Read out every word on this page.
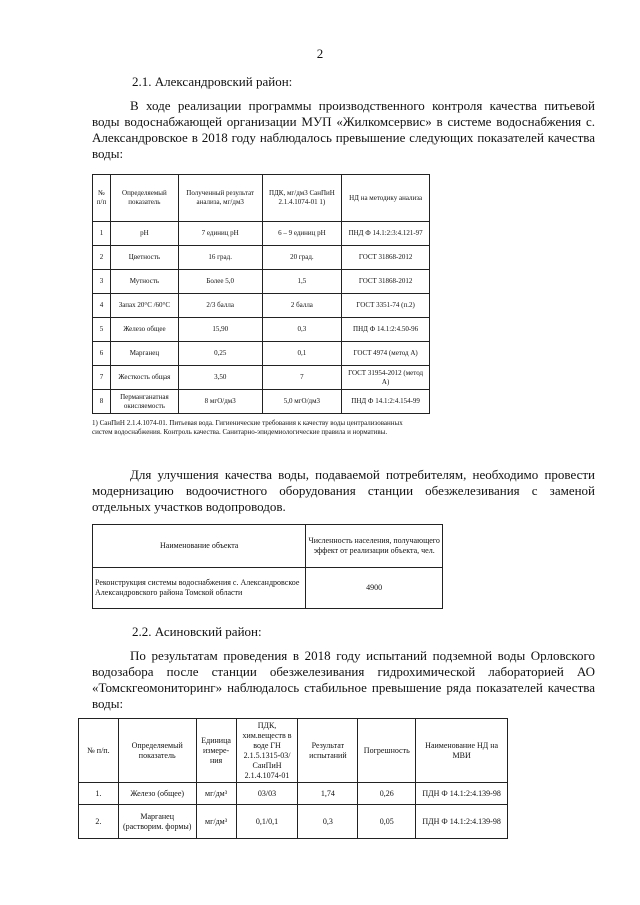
2
2.1. Александровский район:

В ходе реализации программы производственного контроля качества питьевой воды водоснабжающей организации МУП «Жилкомсервис» в системе водоснабжения с. Александровское в 2018 году наблюдалось превышение следующих показателей качества воды:

№ п/п	Определяемый показатель	Полученный результат анализа, мг/дм3	ПДК, мг/дм3 СанПиН 2.1.4.1074-01 1)	НД на методику анализа
1	pH	7 единиц рН	6 – 9 единиц рН	ПНД Ф 14.1:2:3:4.121-97
2	Цветность	16 град.	20 град.	ГОСТ 31868-2012
3	Мутность	Более 5,0	1,5	ГОСТ 31868-2012
4	Запах 20°С /60°С	2/3 балла	2 балла	ГОСТ 3351-74 (п.2)
5	Железо общее	15,90	0,3	ПНД Ф 14.1:2:4.50-96
6	Марганец	0,25	0,1	ГОСТ 4974 (метод А)
7	Жесткость общая	3,50	7	ГОСТ 31954-2012 (метод А)
8	Перманганатная окисляемость	8 мгО/дм3	5,0 мгО/дм3	ПНД Ф 14.1:2:4.154-99
1) СанПиН 2.1.4.1074-01. Питьевая вода. Гигиенические требования к качеству воды централизованных систем водоснабжения. Контроль качества. Санитарно-эпидемиологические правила и нормативы.

Для улучшения качества воды, подаваемой потребителям, необходимо провести модернизацию водоочистного оборудования станции обезжелезивания с заменой отдельных участков водопроводов.

Наименование объекта	Численность населения, получающего эффект от реализации объекта, чел.
Реконструкция системы водоснабжения с. Александровское Александровского района Томской области	4900
2.2. Асиновский район:

По результатам проведения в 2018 году испытаний подземной воды Орловского водозабора после станции обезжелезивания гидрохимической лабораторией АО «Томскгеомониторинг» наблюдалось стабильное превышение ряда показателей качества воды:

№ п/п.	Определяемый показатель	Единица измере-ния	ПДК, хим.веществ в воде ГН 2.1.5.1315-03/СанПиН 2.1.4.1074-01	Результат испытаний	Погрешность	Наименование НД на МВИ
1.	Железо (общее)	мг/дм³	03/03	1,74	0,26	ПДН Ф 14.1:2:4.139-98
2.	Марганец (растворим. формы)	мг/дм³	0,1/0,1	0,3	0,05	ПДН Ф 14.1:2:4.139-98
